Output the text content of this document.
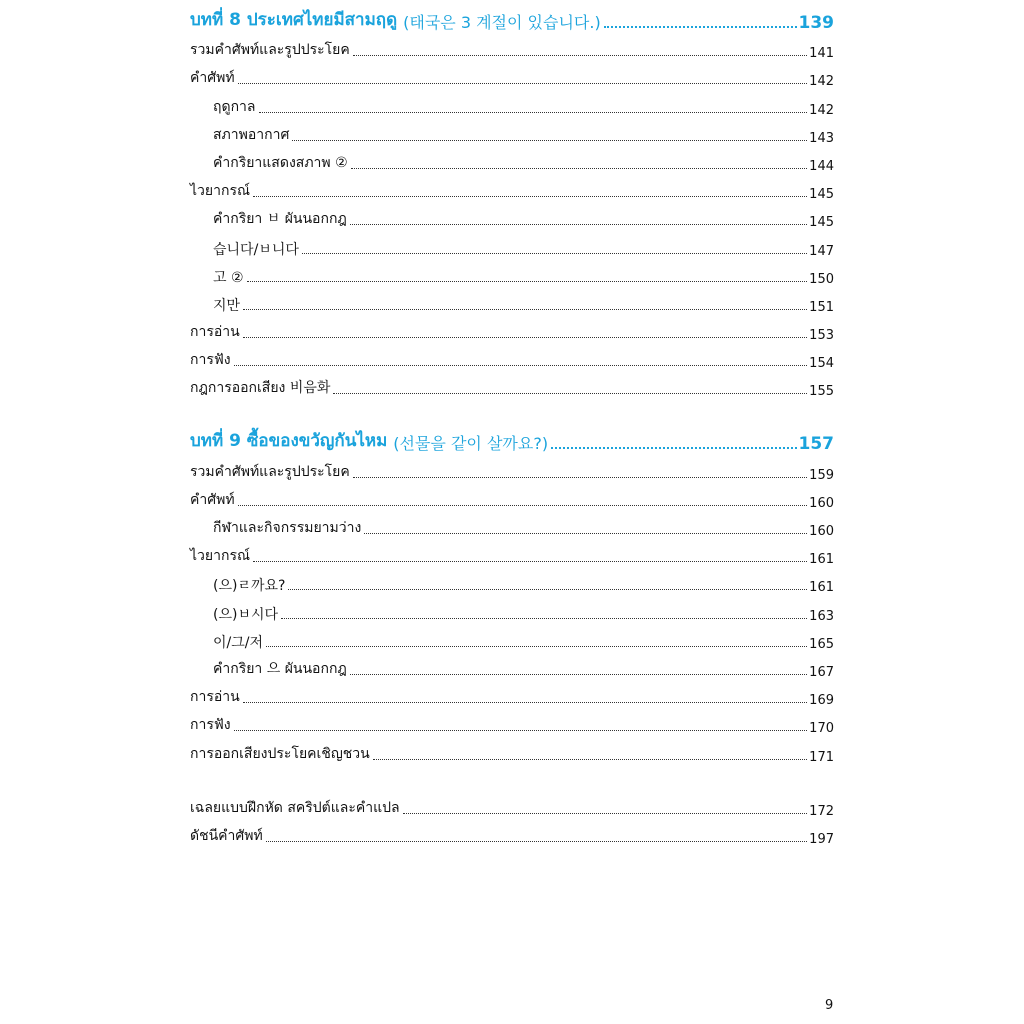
บทที่ 8 ประเทศไทยมีสามฤดู (태국은 3 계절이 있습니다.)	139
รวมคำศัพท์และรูปประโยค	141
คำศัพท์	142
ฤดูกาล	142
สภาพอากาศ	143
คำกริยาแสดงสภาพ ②	144
ไวยากรณ์	145
คำกริยา ㅂ ผันนอกกฎ	145
습니다/ㅂ니다	147
고 ②	150
지만	151
การอ่าน	153
การฟัง	154
กฎการออกเสียง 비음화	155
บทที่ 9 ซื้อของขวัญกันไหม (선물을 같이 살까요?)	157
รวมคำศัพท์และรูปประโยค	159
คำศัพท์	160
กีฬาและกิจกรรมยามว่าง	160
ไวยากรณ์	161
(으)ㄹ까요?	161
(으)ㅂ시다	163
이/그/저	165
คำกริยา 으 ผันนอกกฎ	167
การอ่าน	169
การฟัง	170
การออกเสียงประโยคเชิญชวน	171
เฉลยแบบฝึกหัด สคริปต์และคำแปล	172
ดัชนีคำศัพท์	197
9
